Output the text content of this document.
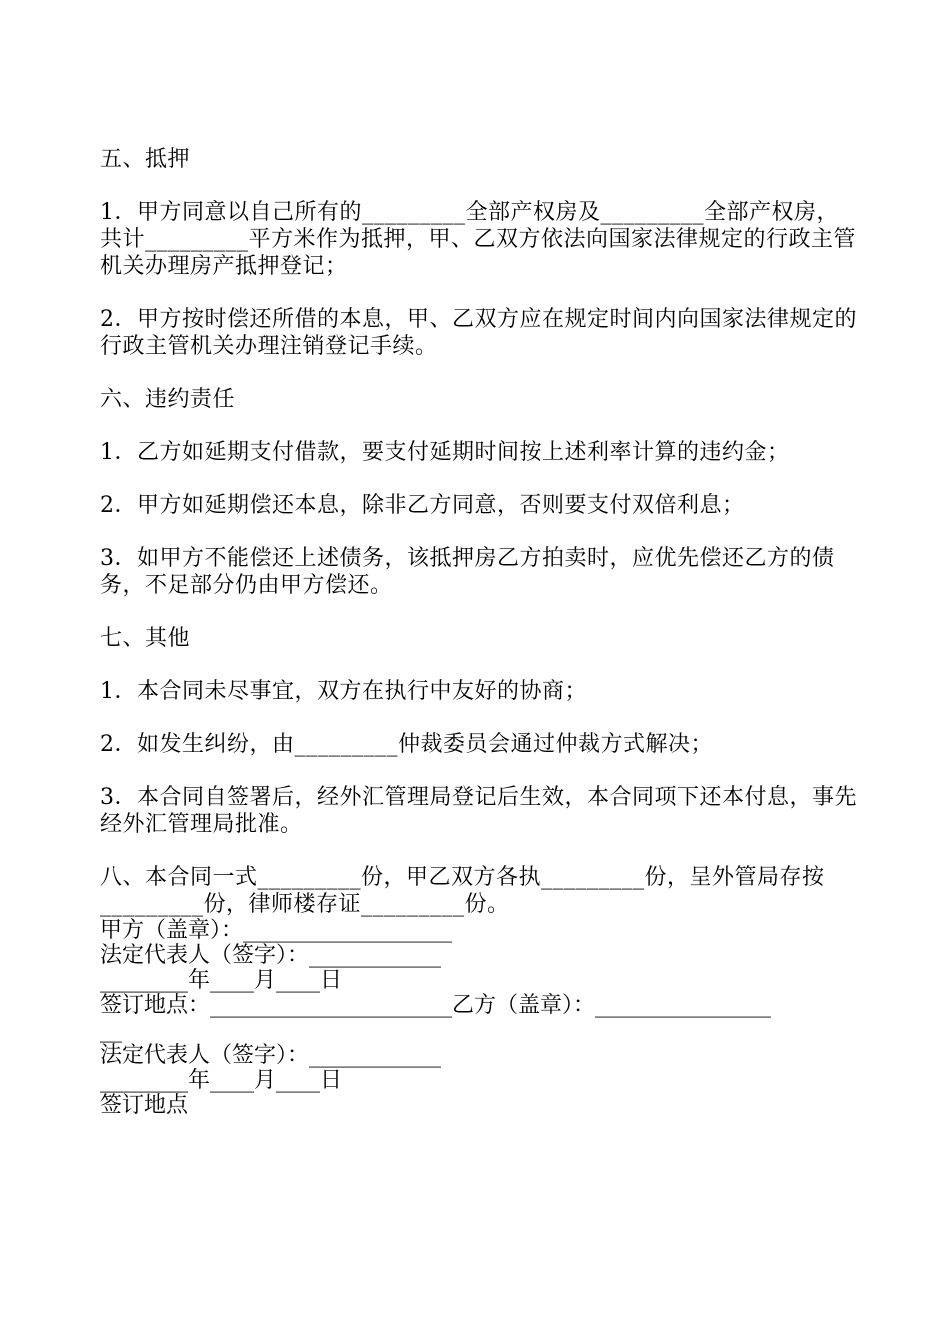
五、抵押

1．甲方同意以自己所有的_________全部产权房及_________全部产权房，共计_________平方米作为抵押，甲、乙双方依法向国家法律规定的行政主管机关办理房产抵押登记；

2．甲方按时偿还所借的本息，甲、乙双方应在规定时间内向国家法律规定的行政主管机关办理注销登记手续。

六、违约责任

1．乙方如延期支付借款，要支付延期时间按上述利率计算的违约金；

2．甲方如延期偿还本息，除非乙方同意，否则要支付双倍利息；

3．如甲方不能偿还上述债务，该抵押房乙方拍卖时，应优先偿还乙方的债务，不足部分仍由甲方偿还。

七、其他

1．本合同未尽事宜，双方在执行中友好的协商；

2．如发生纠纷，由_________仲裁委员会通过仲裁方式解决；

3．本合同自签署后，经外汇管理局登记后生效，本合同项下还本付息，事先经外汇管理局批准。

八、本合同一式_________份，甲乙双方各执_________份，呈外管局存按_________份，律师楼存证_________份。

甲方（盖章）：___________________

法定代表人（签字）：____________

________年____月____日

签订地点：______________________乙方（盖章）：________________

__

法定代表人（签字）：____________

________年____月____日

签订地点
